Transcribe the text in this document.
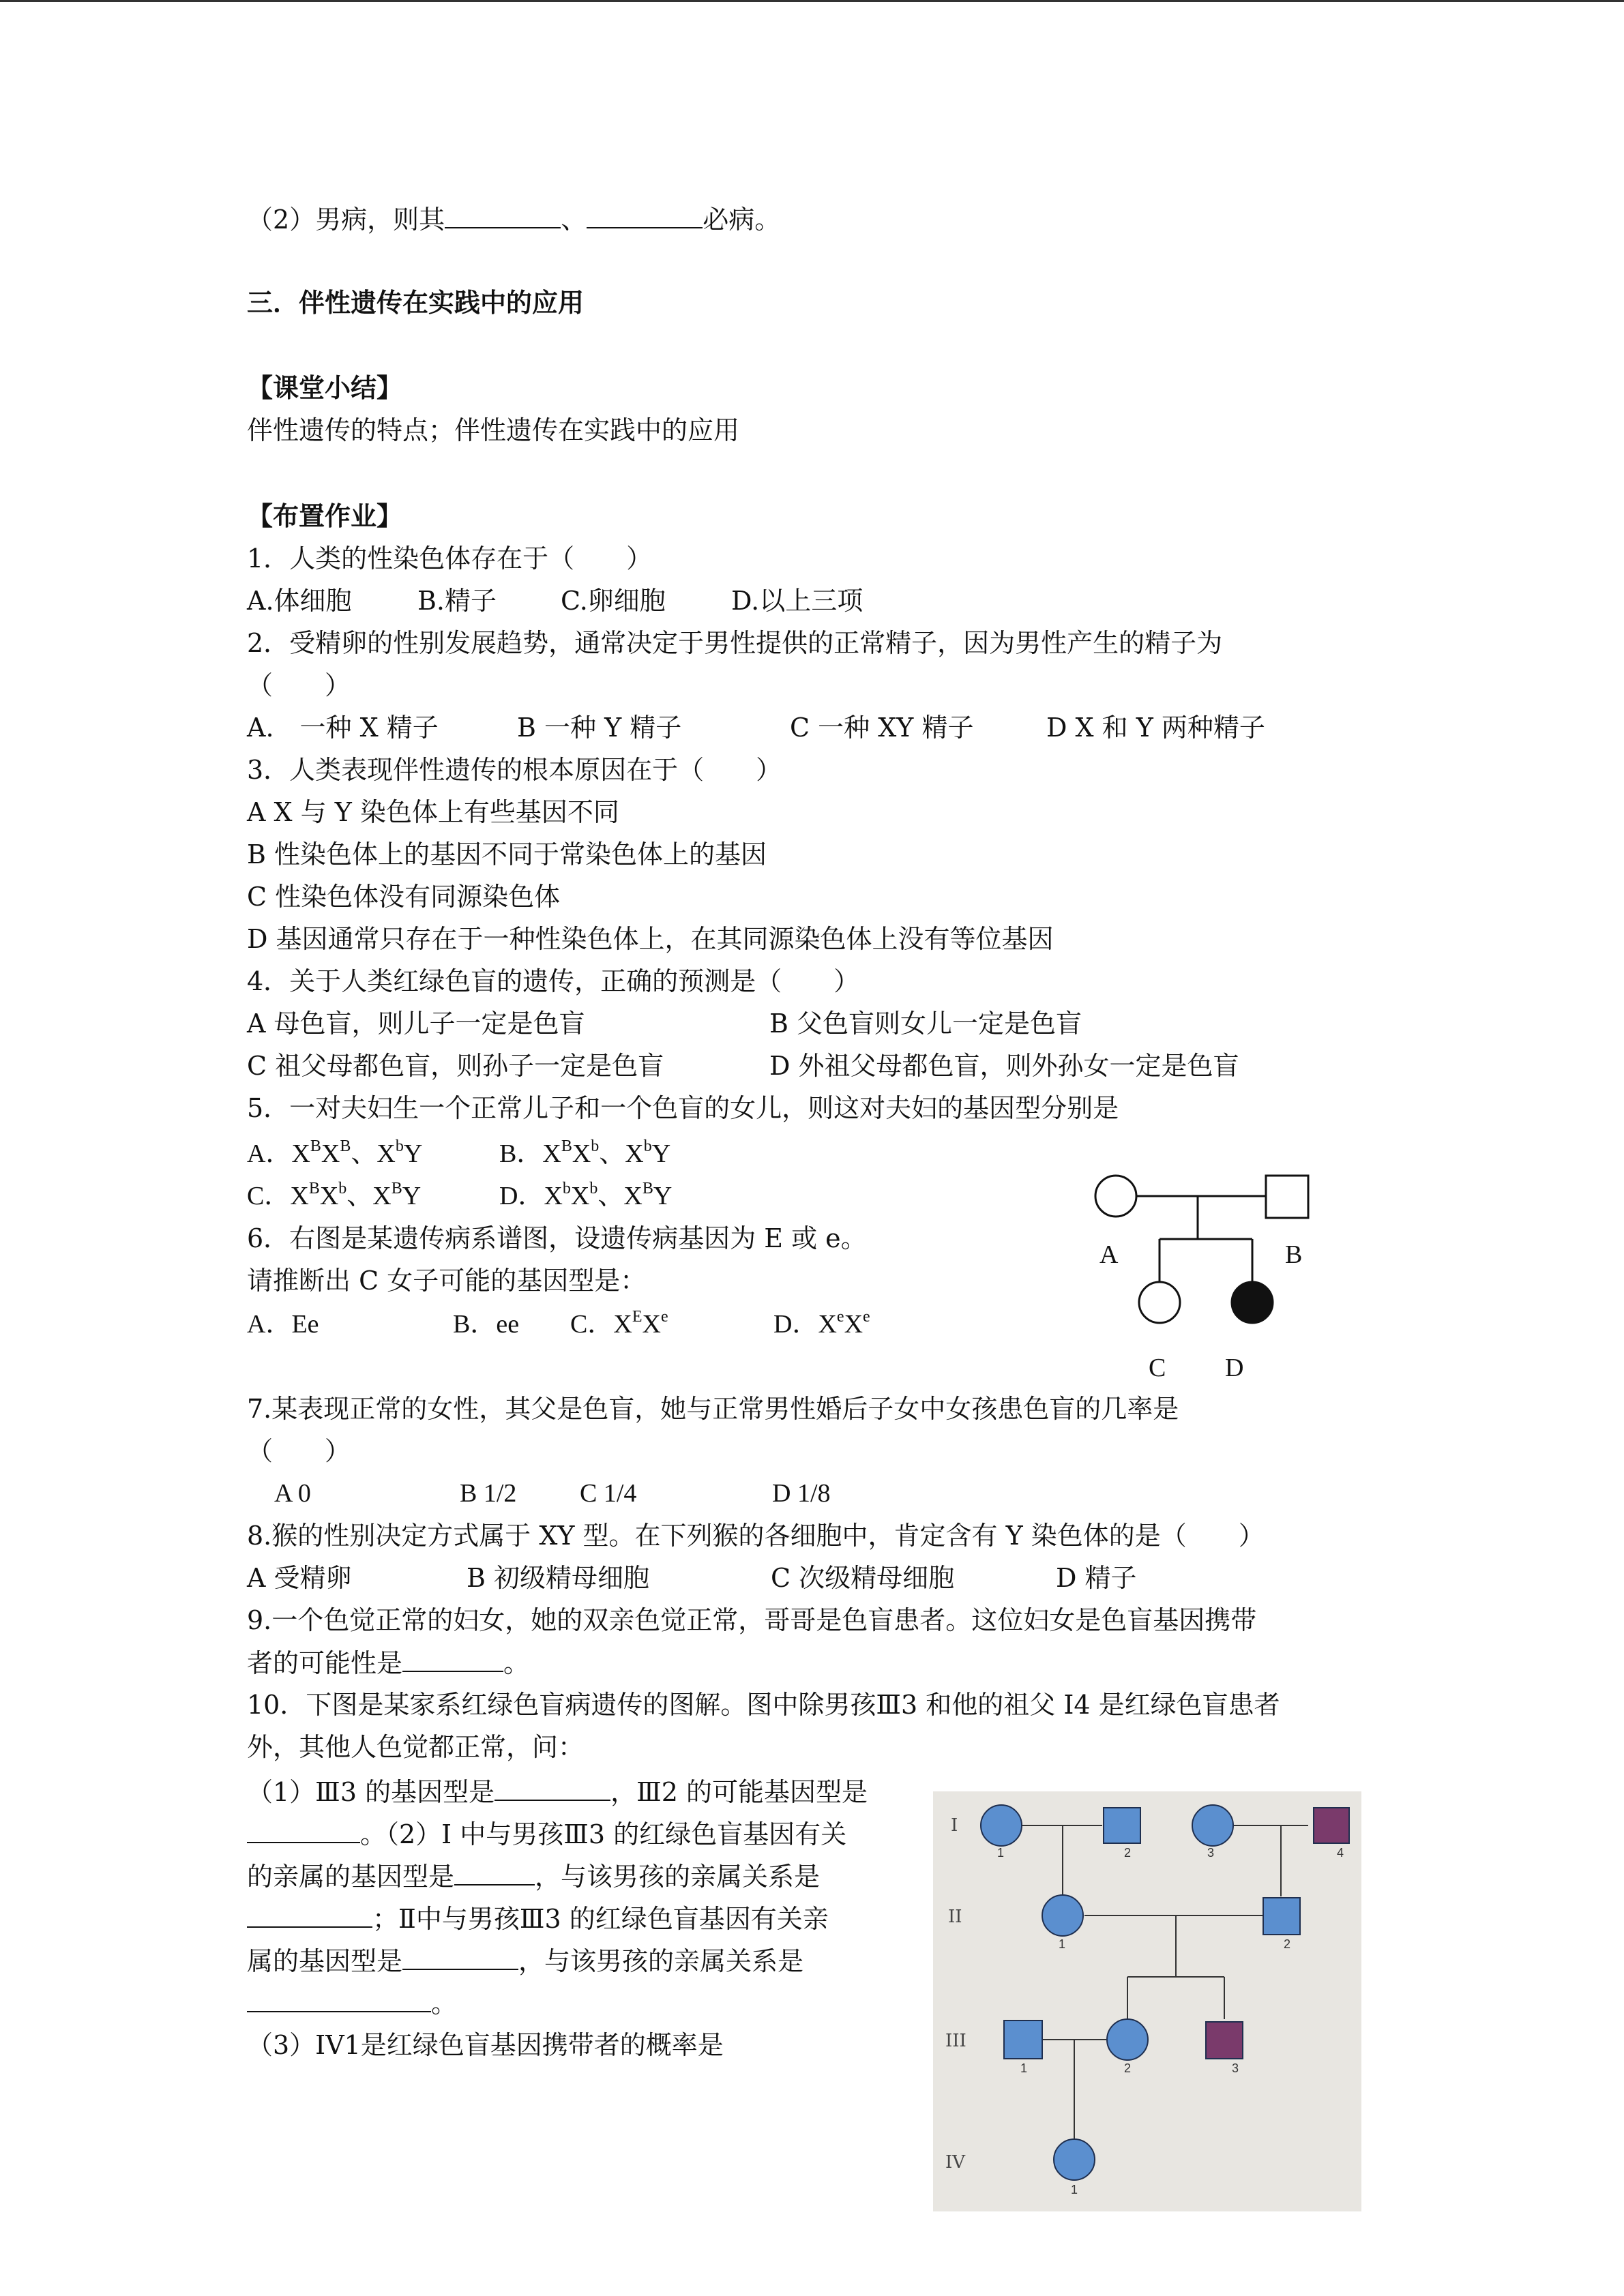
（2）男病，则其	、	必病。
三．伴性遗传在实践中的应用
【课堂小结】
伴性遗传的特点；伴性遗传在实践中的应用
【布置作业】
1．人类的性染色体存在于（　　）
A.体细胞	B.精子 C.卵细胞	D.以上三项
2．受精卵的性别发展趋势，通常决定于男性提供的正常精子，因为男性产生的精子为
（　　）
A.　一种 X 精子	B 一种 Y 精子	C 一种 XY 精子	D X 和 Y 两种精子
3．人类表现伴性遗传的根本原因在于（　　）
A X 与 Y 染色体上有些基因不同
B 性染色体上的基因不同于常染色体上的基因
C 性染色体没有同源染色体
D 基因通常只存在于一种性染色体上，在其同源染色体上没有等位基因
4．关于人类红绿色盲的遗传，正确的预测是（　　）
A 母色盲，则儿子一定是色盲	B 父色盲则女儿一定是色盲
C 祖父母都色盲，则孙子一定是色盲	D 外祖父母都色盲，则外孙女一定是色盲
5．一对夫妇生一个正常儿子和一个色盲的女儿，则这对夫妇的基因型分别是
A．$X^BX^B$、$X^bY$	B．$X^BX^b$、$X^bY$
C．$X^BX^b$、$X^BY$	D．$X^bX^b$、$X^BY$
6．右图是某遗传病系谱图，设遗传病基因为 E 或 e。
请推断出 C 女子可能的基因型是：
A．Ee	B．ee C．$X^EXe$	D．XeXe
A	B
C D
7.某表现正常的女性，其父是色盲，她与正常男性婚后子女中女孩患色盲的几率是
（　　）
A 0	B 1/2 C 1/4	D 1/8
8.猴的性别决定方式属于 XY 型。在下列猴的各细胞中，肯定含有 Y 染色体的是（　　）
A 受精卵	B 初级精母细胞	C 次级精母细胞	D 精子
9.一个色觉正常的妇女，她的双亲色觉正常，哥哥是色盲患者。这位妇女是色盲基因携带
者的可能性是	。
10．下图是某家系红绿色盲病遗传的图解。图中除男孩Ⅲ3 和他的祖父 I4 是红绿色盲患者
外，其他人色觉都正常，问：
（1）Ⅲ3 的基因型是	，Ⅲ2 的可能基因型是
。（2）I 中与男孩Ⅲ3 的红绿色盲基因有关
的亲属的基因型是	，与该男孩的亲属关系是
；Ⅱ中与男孩Ⅲ3 的红绿色盲基因有关亲
属的基因型是	，与该男孩的亲属关系是
。
（3）IV1是红绿色盲基因携带者的概率是
I
II
III
IV
1	2	3	4
1	2
1	2	3
1
